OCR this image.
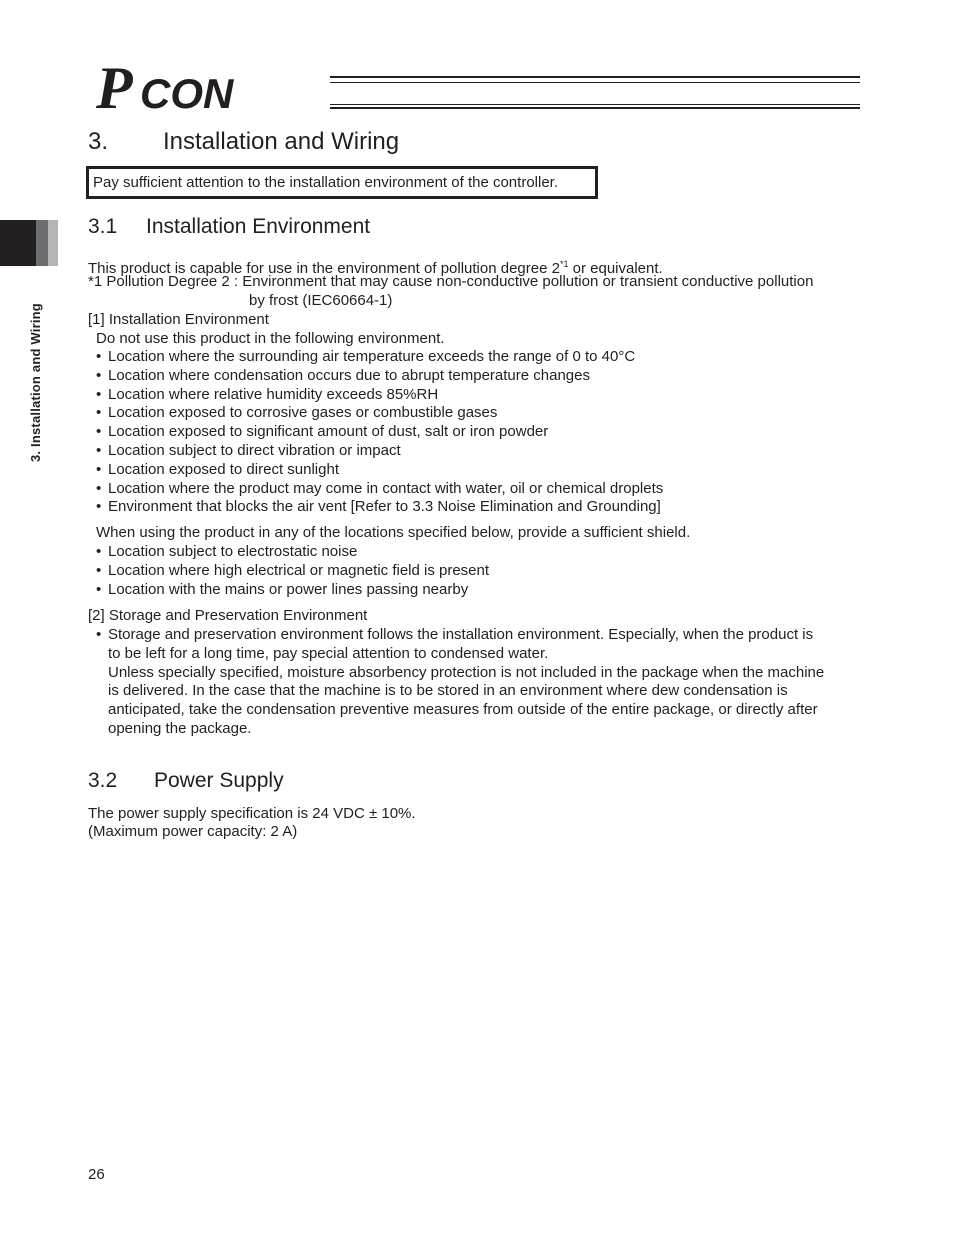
P CON
3. Installation and Wiring
3. Installation and Wiring
Pay sufficient attention to the installation environment of the controller.
3.1 Installation Environment
This product is capable for use in the environment of pollution degree 2$^{*1}$ or equivalent.
*1 Pollution Degree 2 : Environment that may cause non-conductive pollution or transient conductive pollution
by frost (IEC60664-1)
[1] Installation Environment
Do not use this product in the following environment.
• Location where the surrounding air temperature exceeds the range of 0 to 40°C
• Location where condensation occurs due to abrupt temperature changes
• Location where relative humidity exceeds 85%RH
• Location exposed to corrosive gases or combustible gases
• Location exposed to significant amount of dust, salt or iron powder
• Location subject to direct vibration or impact
• Location exposed to direct sunlight
• Location where the product may come in contact with water, oil or chemical droplets
• Environment that blocks the air vent [Refer to 3.3 Noise Elimination and Grounding]
When using the product in any of the locations specified below, provide a sufficient shield.
• Location subject to electrostatic noise
• Location where high electrical or magnetic field is present
• Location with the mains or power lines passing nearby
[2] Storage and Preservation Environment
• Storage and preservation environment follows the installation environment. Especially, when the product is
to be left for a long time, pay special attention to condensed water.
Unless specially specified, moisture absorbency protection is not included in the package when the machine
is delivered. In the case that the machine is to be stored in an environment where dew condensation is
anticipated, take the condensation preventive measures from outside of the entire package, or directly after
opening the package.
3.2 Power Supply
The power supply specification is 24 VDC ± 10%.
(Maximum power capacity: 2 A)
26
